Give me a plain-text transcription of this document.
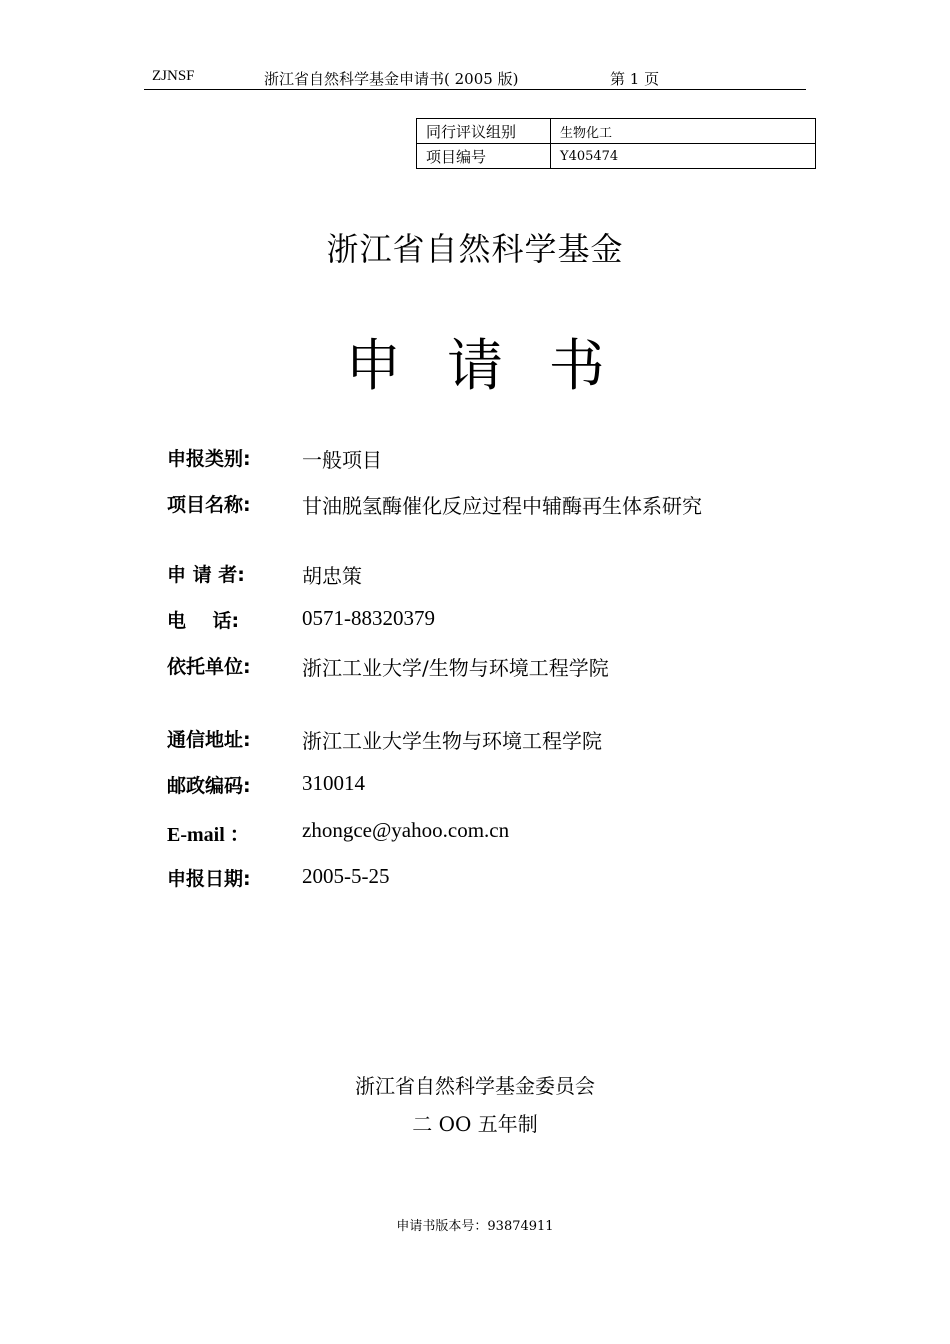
ZJNSF	浙江省自然科学基金申请书( 2005 版)	第 1 页
同行评议组别	生物化工
项目编号	Y405474
浙江省自然科学基金
申 请 书
申报类别:	一般项目
项目名称:	甘油脱氢酶催化反应过程中辅酶再生体系研究
申 请 者:	胡忠策
电    话:	0571-88320379
依托单位:	浙江工业大学/生物与环境工程学院
通信地址:	浙江工业大学生物与环境工程学院
邮政编码: 310014
E-mail ： zhongce@yahoo.com.cn
申报日期: 2005-5-25
浙江省自然科学基金委员会
二 OO 五年制
申请书版本号：93874911
